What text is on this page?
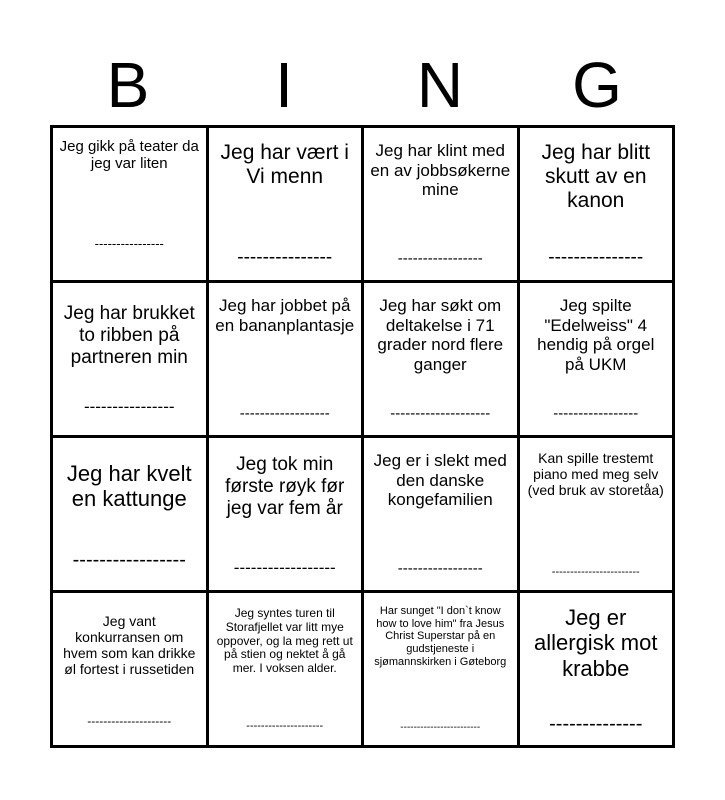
B	I	N	G
Jeg gikk på teater da jeg var liten
----------------
Jeg har vært i Vi menn
---------------
Jeg har klint med en av jobbsøkerne mine
-----------------
Jeg har blitt skutt av en kanon
---------------
Jeg har brukket to ribben på partneren min
----------------
Jeg har jobbet på en bananplantasje
------------------
Jeg har søkt om deltakelse i 71 grader nord flere ganger
--------------------
Jeg spilte "Edelweiss" 4 hendig på orgel på UKM
-----------------
Jeg har kvelt en kattunge
-----------------
Jeg tok min første røyk før jeg var fem år
------------------
Jeg er i slekt med den danske kongefamilien
-----------------
Kan spille trestemt piano med meg selv (ved bruk av storetåa)
------------------------
Jeg vant konkurransen om hvem som kan drikke øl fortest i russetiden
---------------------
Jeg syntes turen til Storafjellet var litt mye oppover, og la meg rett ut på stien og nektet å gå mer. I voksen alder.
---------------------
Har sunget "I don`t know how to love him" fra Jesus Christ Superstar på en gudstjeneste i sjømannskirken i Gøteborg
------------------------
Jeg er allergisk mot krabbe
--------------
